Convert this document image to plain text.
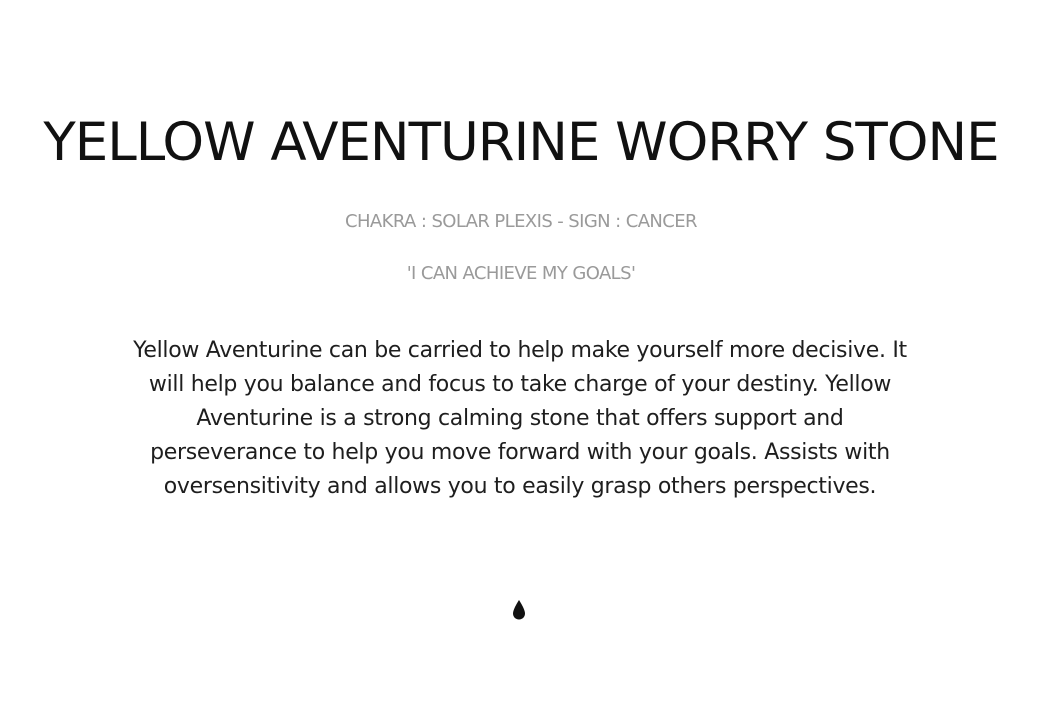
YELLOW AVENTURINE WORRY STONE
CHAKRA : SOLAR PLEXIS - SIGN : CANCER
'I CAN ACHIEVE MY GOALS'
Yellow Aventurine can be carried to help make yourself more decisive. It will help you balance and focus to take charge of your destiny. Yellow Aventurine is a strong calming stone that offers support and perseverance to help you move forward with your goals. Assists with oversensitivity and allows you to easily grasp others perspectives.
